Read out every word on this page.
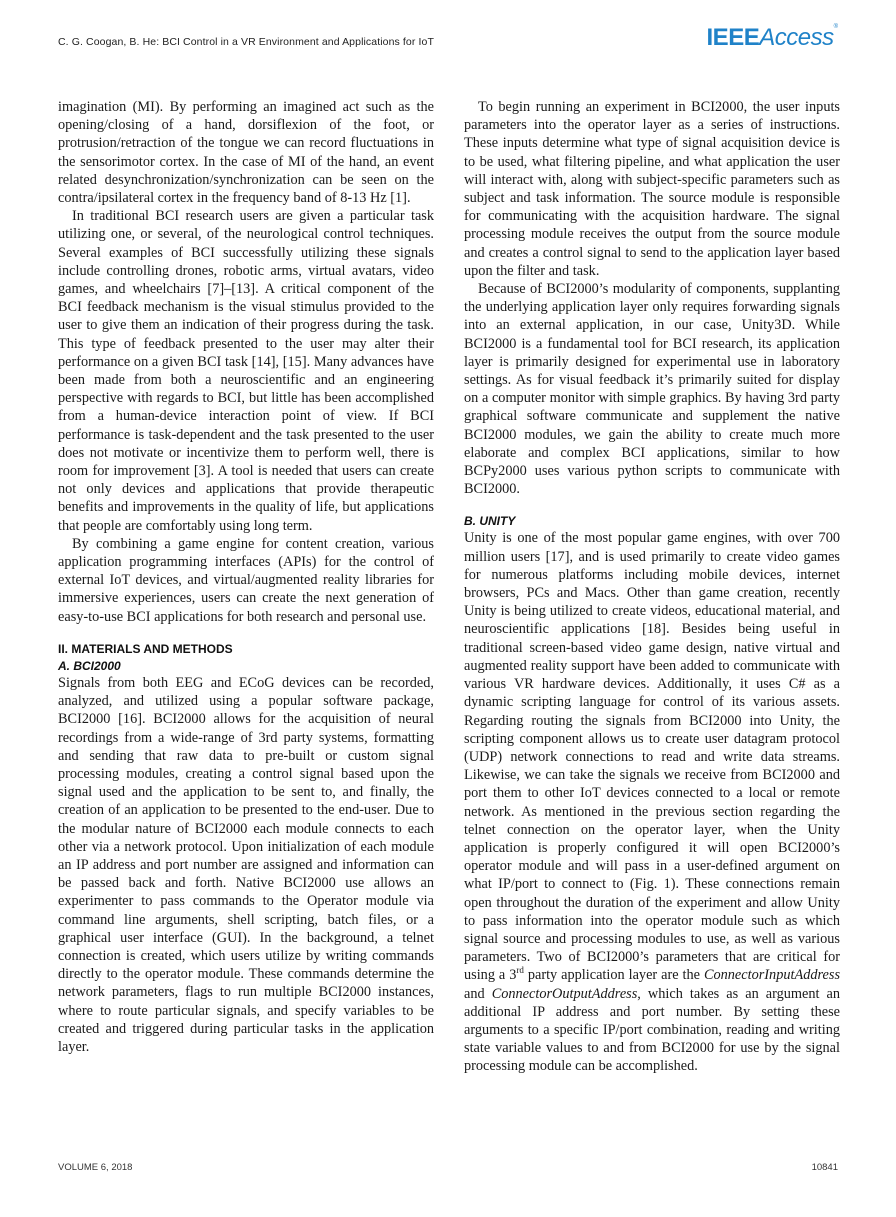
C. G. Coogan, B. He: BCI Control in a VR Environment and Applications for IoT	IEEEAccess®

imagination (MI). By performing an imagined act such as the opening/closing of a hand, dorsiflexion of the foot, or protrusion/retraction of the tongue we can record fluctuations in the sensorimotor cortex. In the case of MI of the hand, an event related desynchronization/synchronization can be seen on the contra/ipsilateral cortex in the frequency band of 8-13 Hz [1].

In traditional BCI research users are given a particular task utilizing one, or several, of the neurological control techniques. Several examples of BCI successfully utilizing these signals include controlling drones, robotic arms, virtual avatars, video games, and wheelchairs [7]–[13]. A critical component of the BCI feedback mechanism is the visual stimulus provided to the user to give them an indication of their progress during the task. This type of feedback presented to the user may alter their performance on a given BCI task [14], [15]. Many advances have been made from both a neuroscientific and an engineering perspective with regards to BCI, but little has been accomplished from a human-device interaction point of view. If BCI performance is task-dependent and the task presented to the user does not motivate or incentivize them to perform well, there is room for improvement [3]. A tool is needed that users can create not only devices and applications that provide therapeutic benefits and improvements in the quality of life, but applications that people are comfortably using long term.

By combining a game engine for content creation, various application programming interfaces (APIs) for the control of external IoT devices, and virtual/augmented reality libraries for immersive experiences, users can create the next generation of easy-to-use BCI applications for both research and personal use.

II. MATERIALS AND METHODS
A. BCI2000

Signals from both EEG and ECoG devices can be recorded, analyzed, and utilized using a popular software package, BCI2000 [16]. BCI2000 allows for the acquisition of neural recordings from a wide-range of 3rd party systems, formatting and sending that raw data to pre-built or custom signal processing modules, creating a control signal based upon the signal used and the application to be sent to, and finally, the creation of an application to be presented to the end-user. Due to the modular nature of BCI2000 each module connects to each other via a network protocol. Upon initialization of each module an IP address and port number are assigned and information can be passed back and forth. Native BCI2000 use allows an experimenter to pass commands to the Operator module via command line arguments, shell scripting, batch files, or a graphical user interface (GUI). In the background, a telnet connection is created, which users utilize by writing commands directly to the operator module. These commands determine the network parameters, flags to run multiple BCI2000 instances, where to route particular signals, and specify variables to be created and triggered during particular tasks in the application layer.

To begin running an experiment in BCI2000, the user inputs parameters into the operator layer as a series of instructions. These inputs determine what type of signal acquisition device is to be used, what filtering pipeline, and what application the user will interact with, along with subject-specific parameters such as subject and task information. The source module is responsible for communicating with the acquisition hardware. The signal processing module receives the output from the source module and creates a control signal to send to the application layer based upon the filter and task.

Because of BCI2000’s modularity of components, supplanting the underlying application layer only requires forwarding signals into an external application, in our case, Unity3D. While BCI2000 is a fundamental tool for BCI research, its application layer is primarily designed for experimental use in laboratory settings. As for visual feedback it’s primarily suited for display on a computer monitor with simple graphics. By having 3rd party graphical software communicate and supplement the native BCI2000 modules, we gain the ability to create much more elaborate and complex BCI applications, similar to how BCPy2000 uses various python scripts to communicate with BCI2000.

B. UNITY

Unity is one of the most popular game engines, with over 700 million users [17], and is used primarily to create video games for numerous platforms including mobile devices, internet browsers, PCs and Macs. Other than game creation, recently Unity is being utilized to create videos, educational material, and neuroscientific applications [18]. Besides being useful in traditional screen-based video game design, native virtual and augmented reality support have been added to communicate with various VR hardware devices. Additionally, it uses C# as a dynamic scripting language for control of its various assets. Regarding routing the signals from BCI2000 into Unity, the scripting component allows us to create user datagram protocol (UDP) network connections to read and write data streams. Likewise, we can take the signals we receive from BCI2000 and port them to other IoT devices connected to a local or remote network. As mentioned in the previous section regarding the telnet connection on the operator layer, when the Unity application is properly configured it will open BCI2000’s operator module and will pass in a user-defined argument on what IP/port to connect to (Fig. 1). These connections remain open throughout the duration of the experiment and allow Unity to pass information into the operator module such as which signal source and processing modules to use, as well as various parameters. Two of BCI2000’s parameters that are critical for using a 3rd party application layer are the ConnectorInputAddress and ConnectorOutputAddress, which takes as an argument an additional IP address and port number. By setting these arguments to a specific IP/port combination, reading and writing state variable values to and from BCI2000 for use by the signal processing module can be accomplished.

VOLUME 6, 2018	10841
